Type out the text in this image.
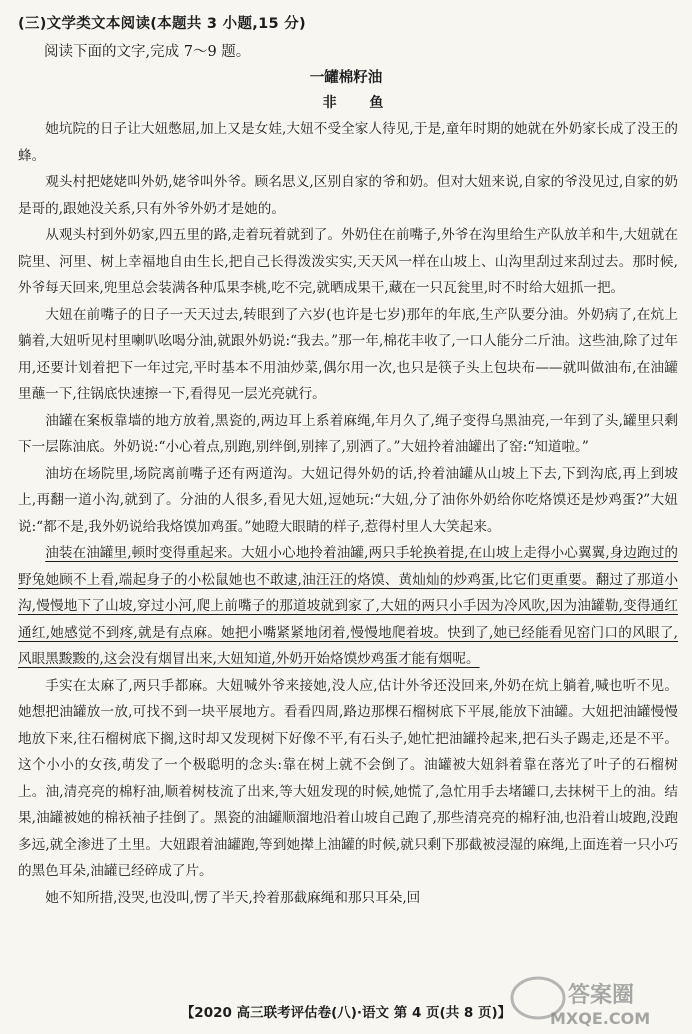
(三)文学类文本阅读(本题共 3 小题,15 分)
阅读下面的文字,完成 7～9 题。
一罐棉籽油
非 鱼

她坑院的日子让大妞憋屈,加上又是女娃,大妞不受全家人待见,于是,童年时期的她就在外奶家长成了没王的蜂。

观头村把姥姥叫外奶,姥爷叫外爷。顾名思义,区别自家的爷和奶。但对大妞来说,自家的爷没见过,自家的奶是哥的,跟她没关系,只有外爷外奶才是她的。

从观头村到外奶家,四五里的路,走着玩着就到了。外奶住在前嘴子,外爷在沟里给生产队放羊和牛,大妞就在院里、河里、树上幸福地自由生长,把自己长得泼泼实实,天天风一样在山坡上、山沟里刮过来刮过去。那时候,外爷每天回来,兜里总会装满各种瓜果李桃,吃不完,就晒成果干,藏在一只瓦瓮里,时不时给大妞抓一把。

大妞在前嘴子的日子一天天过去,转眼到了六岁(也许是七岁)那年的年底,生产队要分油。外奶病了,在炕上躺着,大妞听见村里喇叭吆喝分油,就跟外奶说:“我去。”那一年,棉花丰收了,一口人能分二斤油。这些油,除了过年用,还要计划着把下一年过完,平时基本不用油炒菜,偶尔用一次,也只是筷子头上包块布——就叫做油布,在油罐里蘸一下,往锅底快速擦一下,看得见一层光亮就行。

油罐在案板靠墙的地方放着,黑瓷的,两边耳上系着麻绳,年月久了,绳子变得乌黑油亮,一年到了头,罐里只剩下一层陈油底。外奶说:“小心着点,别跑,别绊倒,别摔了,别洒了。”大妞拎着油罐出了窑:“知道啦。”

油坊在场院里,场院离前嘴子还有两道沟。大妞记得外奶的话,拎着油罐从山坡上下去,下到沟底,再上到坡上,再翻一道小沟,就到了。分油的人很多,看见大妞,逗她玩:“大妞,分了油你外奶给你吃烙馍还是炒鸡蛋?”大妞说:“都不是,我外奶说给我烙馍加鸡蛋。”她瞪大眼睛的样子,惹得村里人大笑起来。

油装在油罐里,顿时变得重起来。大妞小心地拎着油罐,两只手轮换着提,在山坡上走得小心翼翼,身边跑过的野兔她顾不上看,端起身子的小松鼠她也不敢逮,油汪汪的烙馍、黄灿灿的炒鸡蛋,比它们更重要。翻过了那道小沟,慢慢地下了山坡,穿过小河,爬上前嘴子的那道坡就到家了,大妞的两只小手因为冷风吹,因为油罐勒,变得通红通红,她感觉不到疼,就是有点麻。她把小嘴紧紧地闭着,慢慢地爬着坡。快到了,她已经能看见窑门口的风眼了,风眼黑黢黢的,这会没有烟冒出来,大妞知道,外奶开始烙馍炒鸡蛋才能有烟呢。

手实在太麻了,两只手都麻。大妞喊外爷来接她,没人应,估计外爷还没回来,外奶在炕上躺着,喊也听不见。她想把油罐放一放,可找不到一块平展地方。看看四周,路边那棵石榴树底下平展,能放下油罐。大妞把油罐慢慢地放下来,往石榴树底下搁,这时却又发现树下好像不平,有石头子,她忙把油罐拎起来,把石头子踢走,还是不平。这个小小的女孩,萌发了一个极聪明的念头:靠在树上就不会倒了。油罐被大妞斜着靠在落光了叶子的石榴树上。油,清亮亮的棉籽油,顺着树枝流了出来,等大妞发现的时候,她慌了,急忙用手去堵罐口,去抹树干上的油。结果,油罐被她的棉袄袖子挂倒了。黑瓷的油罐顺溜地沿着山坡自己跑了,那些清亮亮的棉籽油,也沿着山坡跑,没跑多远,就全渗进了土里。大妞跟着油罐跑,等到她撵上油罐的时候,就只剩下那截被浸湿的麻绳,上面连着一只小巧的黑色耳朵,油罐已经碎成了片。

她不知所措,没哭,也没叫,愣了半天,拎着那截麻绳和那只耳朵,回

【2020 高三联考评估卷(八)·语文 第 4 页(共 8 页)】
答案圈
MXQE.COM
